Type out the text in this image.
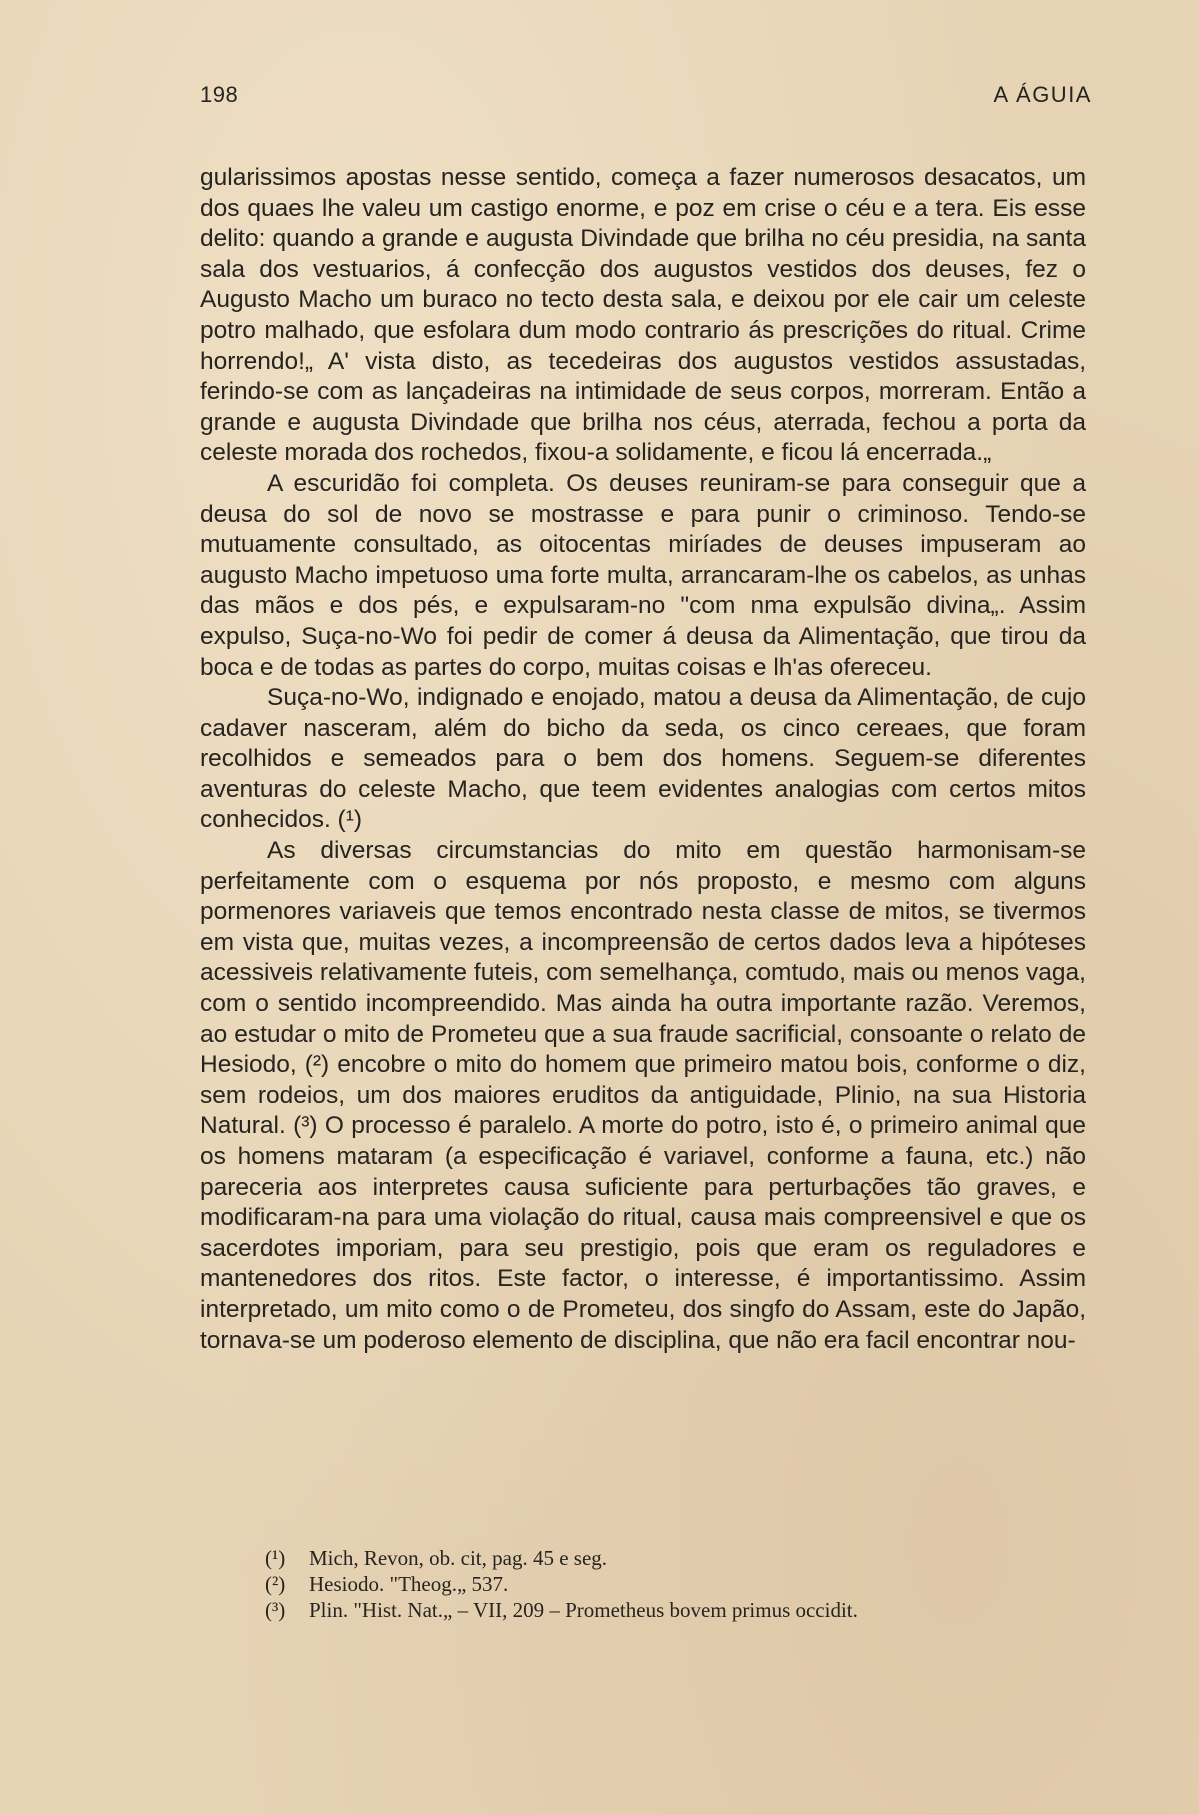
198	A ÁGUIA

gularissimos apostas nesse sentido, começa a fazer numerosos desacatos, um dos quaes lhe valeu um castigo enorme, e poz em crise o céu e a tera. Eis esse delito: quando a grande e augusta Divindade que brilha no céu presidia, na santa sala dos vestuarios, á confecção dos augustos vestidos dos deuses, fez o Augusto Macho um buraco no tecto desta sala, e deixou por ele cair um celeste potro malhado, que esfolara dum modo contrario ás prescrições do ritual. Crime horrendo!„ A' vista disto, as tecedeiras dos augustos vestidos assustadas, ferindo-se com as lançadeiras na intimidade de seus corpos, morreram. Então a grande e augusta Divindade que brilha nos céus, aterrada, fechou a porta da celeste morada dos rochedos, fixou-a solidamente, e ficou lá encerrada.„

A escuridão foi completa. Os deuses reuniram-se para conseguir que a deusa do sol de novo se mostrasse e para punir o criminoso. Tendo-se mutuamente consultado, as oitocentas miríades de deuses impuseram ao augusto Macho impetuoso uma forte multa, arrancaram-lhe os cabelos, as unhas das mãos e dos pés, e expulsaram-no "com nma expulsão divina„. Assim expulso, Suça-no-Wo foi pedir de comer á deusa da Alimentação, que tirou da boca e de todas as partes do corpo, muitas coisas e lh'as ofereceu.

Suça-no-Wo, indignado e enojado, matou a deusa da Alimentação, de cujo cadaver nasceram, além do bicho da seda, os cinco cereaes, que foram recolhidos e semeados para o bem dos homens. Seguem-se diferentes aventuras do celeste Macho, que teem evidentes analogias com certos mitos conhecidos. (¹)

As diversas circumstancias do mito em questão harmonisam-se perfeitamente com o esquema por nós proposto, e mesmo com alguns pormenores variaveis que temos encontrado nesta classe de mitos, se tivermos em vista que, muitas vezes, a incompreensão de certos dados leva a hipóteses acessiveis relativamente futeis, com semelhança, comtudo, mais ou menos vaga, com o sentido incompreendido. Mas ainda ha outra importante razão. Veremos, ao estudar o mito de Prometeu que a sua fraude sacrificial, consoante o relato de Hesiodo, (²) encobre o mito do homem que primeiro matou bois, conforme o diz, sem rodeios, um dos maiores eruditos da antiguidade, Plinio, na sua Historia Natural. (³) O processo é paralelo. A morte do potro, isto é, o primeiro animal que os homens mataram (a especificação é variavel, conforme a fauna, etc.) não pareceria aos interpretes causa suficiente para perturbações tão graves, e modificaram-na para uma violação do ritual, causa mais compreensivel e que os sacerdotes imporiam, para seu prestigio, pois que eram os reguladores e mantenedores dos ritos. Este factor, o interesse, é importantissimo. Assim interpretado, um mito como o de Prometeu, dos singfo do Assam, este do Japão, tornava-se um poderoso elemento de disciplina, que não era facil encontrar nou-

(¹)	Mich, Revon, ob. cit, pag. 45 e seg.
(²)	Hesiodo. "Theog.„ 537.
(³)	Plin. "Hist. Nat.„ – VII, 209 – Prometheus bovem primus occidit.
